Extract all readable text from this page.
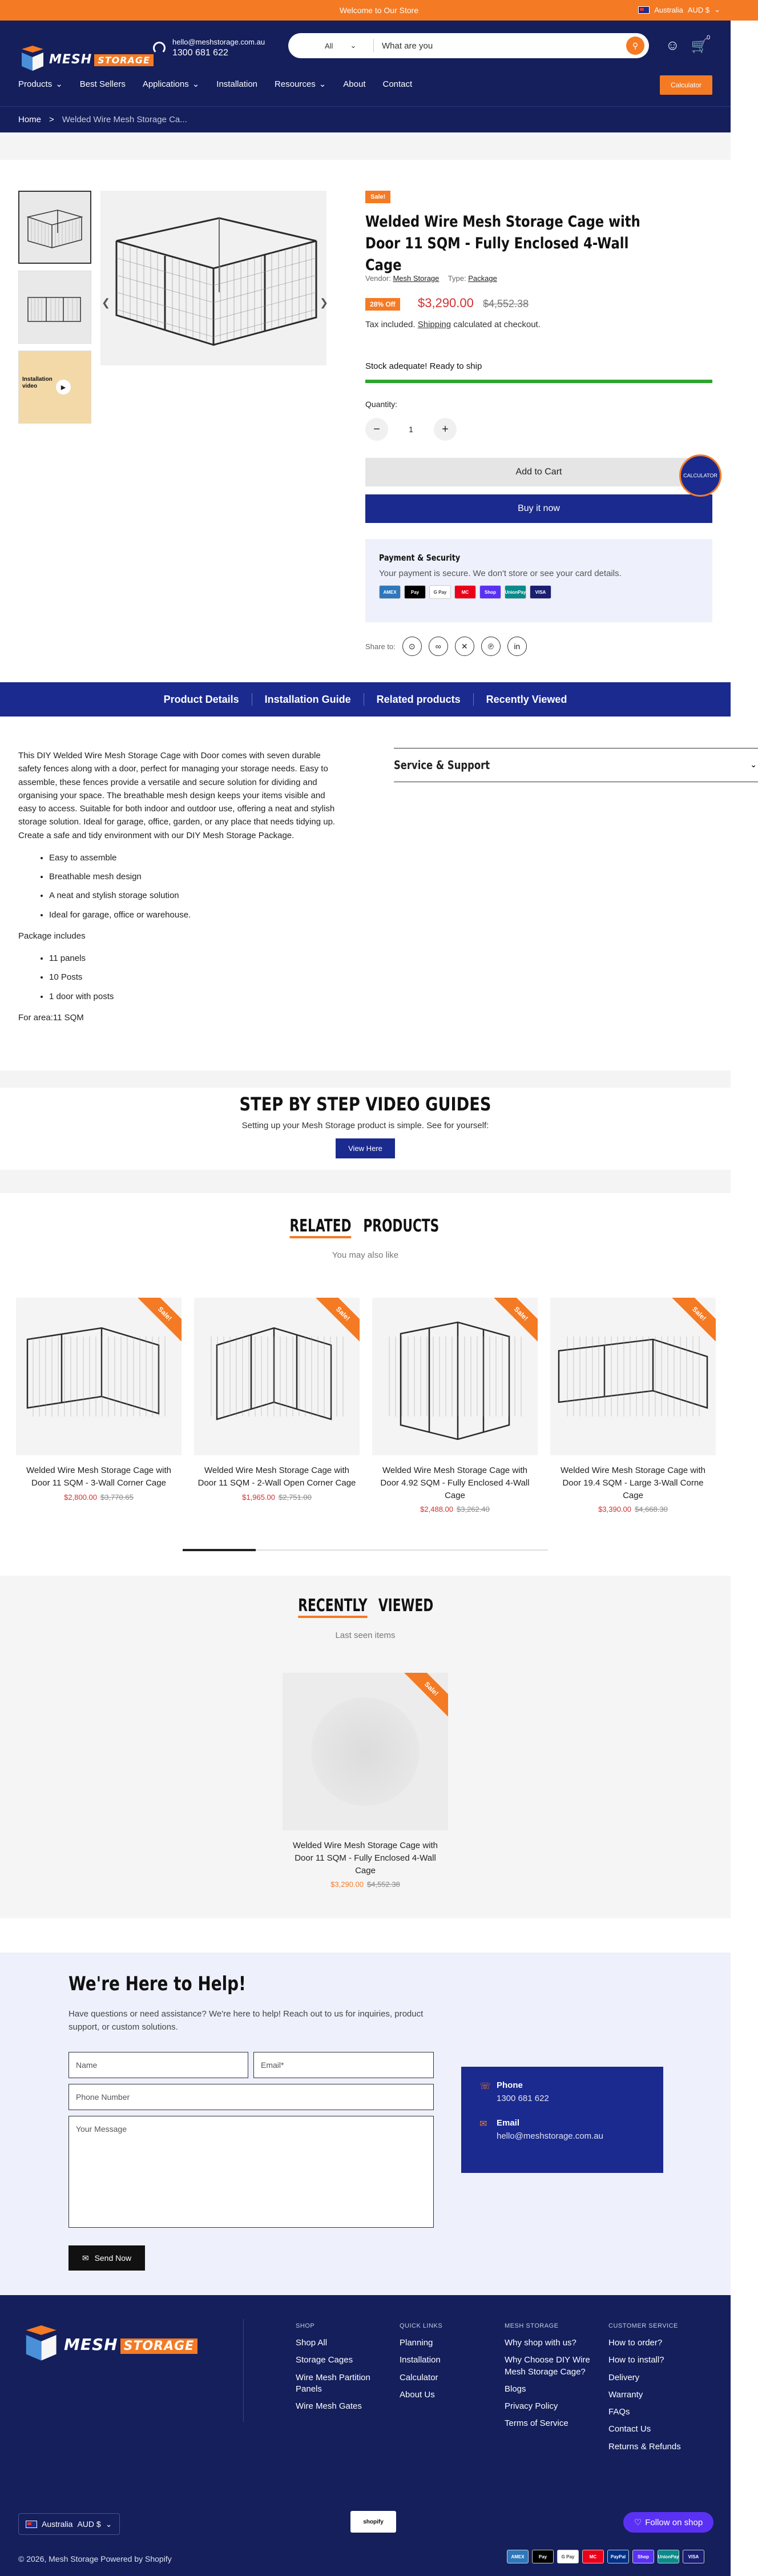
Welcome to Our Store	Australia AUD $ ⌄
MESH STORAGE
hello@meshstorage.com.au
1300 681 622
All ⌄	What are you	⚲	☺ 🛒
0
Products ⌄ Best Sellers Applications ⌄ Installation Resources ⌄ About Contact	Calculator
Home > Welded Wire Mesh Storage Ca...
Installation
video	▶
❮	❯
Sale!
Welded Wire Mesh Storage Cage with Door 11 SQM - Fully Enclosed 4-Wall Cage
Vendor: Mesh Storage Type: Package
28% Off	$3,290.00 $4,552.38
Tax included. Shipping calculated at checkout.
Stock adequate! Ready to ship
Quantity:
−	1	+
Add to Cart
Buy it now
CALCULATOR
Payment & Security

Your payment is secure. We don't store or see your card details.

AMEX	Pay	G Pay	MC	Shop	UnionPay	VISA
Share to:	⊙	∞	✕	℗	in
Product Details	Installation Guide	Related products	Recently Viewed

This DIY Welded Wire Mesh Storage Cage with Door comes with seven durable safety fences along with a door, perfect for managing your storage needs. Easy to assemble, these fences provide a versatile and secure solution for dividing and organising your space. The breathable mesh design keeps your items visible and easy to access. Suitable for both indoor and outdoor use, offering a neat and stylish storage solution. Ideal for garage, office, garden, or any place that needs tidying up. Create a safe and tidy environment with our DIY Mesh Storage Package.

• Easy to assemble
• Breathable mesh design
• A neat and stylish storage solution
• Ideal for garage, office or warehouse.

Package includes

• 11 panels
• 10 Posts
• 1 door with posts

For area:11 SQM

Service & Support	⌄
STEP BY STEP VIDEO GUIDES

Setting up your Mesh Storage product is simple. See for yourself:

View Here
RELATEDPRODUCTS
You may also like
Sale!
Welded Wire Mesh Storage Cage with Door 11 SQM - 3-Wall Corner Cage
$2,800.00 $3,770.65
Sale!
Welded Wire Mesh Storage Cage with Door 11 SQM - 2-Wall Open Corner Cage
$1,965.00 $2,751.00
Sale!
Welded Wire Mesh Storage Cage with Door 4.92 SQM - Fully Enclosed 4-Wall Cage
$2,488.00 $3,262.40
Sale!
Welded Wire Mesh Storage Cage with Door 19.4 SQM - Large 3-Wall Corne Cage
$3,390.00 $4,668.30
RECENTLYVIEWED
Last seen items
Sale!
Welded Wire Mesh Storage Cage with Door 11 SQM - Fully Enclosed 4-Wall Cage
$3,290.00 $4,552.38
We're Here to Help!
Have questions or need assistance? We're here to help! Reach out to us for inquiries, product support, or custom solutions.
Name	Email*
Phone Number
Your Message
✉ Send Now
☏ Phone
1300 681 622
✉ Email
hello@meshstorage.com.au
MESH STORAGE
SHOP
Shop All
Storage Cages
Wire Mesh Partition Panels
Wire Mesh Gates
QUICK LINKS
Planning
Installation
Calculator
About Us
MESH STORAGE
Why shop with us?
Why Choose DIY Wire Mesh Storage Cage?
Blogs
Privacy Policy
Terms of Service
CUSTOMER SERVICE
How to order?
How to install?
Delivery
Warranty
FAQs
Contact Us
Returns & Refunds
Australia AUD $ ⌄	shopify	♡ Follow on shop
© 2026, Mesh Storage Powered by Shopify	AMEX	Pay	G Pay	MC	PayPal	Shop	UnionPay	VISA
